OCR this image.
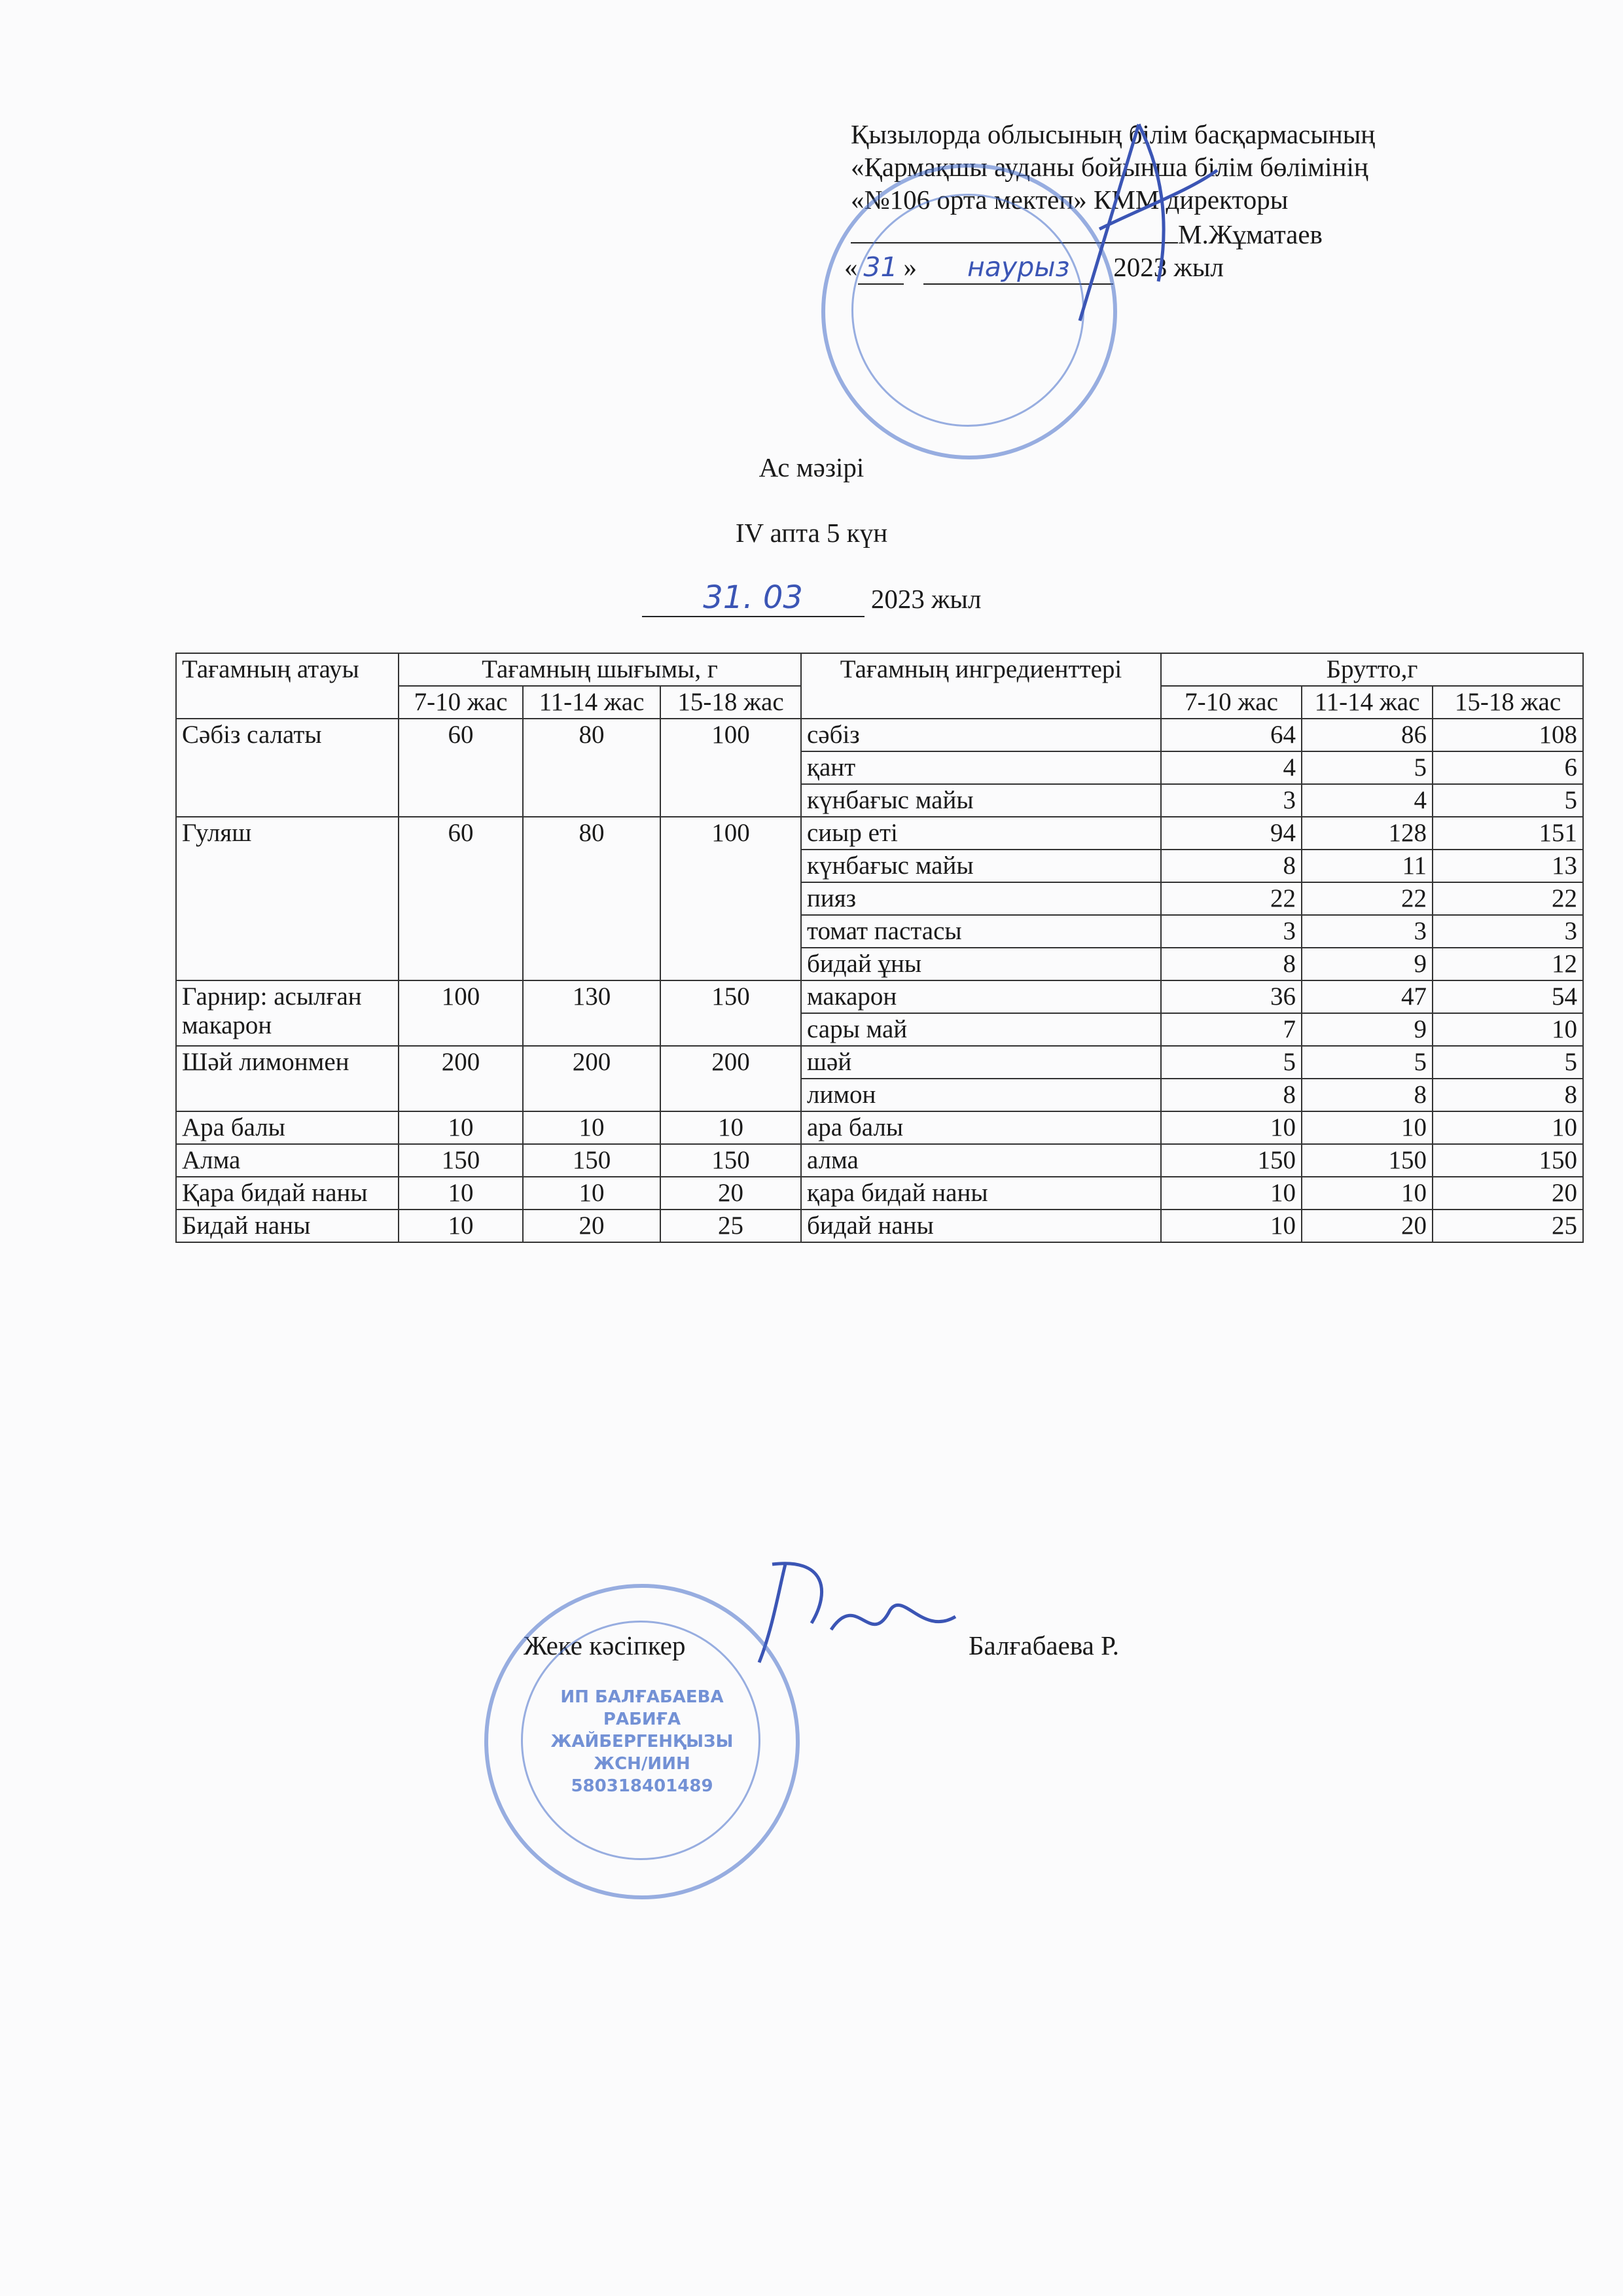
Қызылорда облысының білім басқармасының
«Қармақшы ауданы бойынша білім бөлімінің
«№106 орта мектеп» КММ директоры
М.Жұматаев
« 31 » наурыз 2023 жыл
Ас мәзірі
IV апта 5 күн
31. 03	2023 жыл
Тағамның атауы	Тағамның шығымы, г			Тағамның ингредиенттері	Брутто,г		
	7-10 жас	11-14 жас	15-18 жас		7-10 жас	11-14 жас	15-18 жас
Сәбіз салаты	60	80	100	сәбіз	64	86	108
				қант	4	5	6
				күнбағыс майы	3	4	5
Гуляш	60	80	100	сиыр еті	94	128	151
				күнбағыс майы	8	11	13
				пияз	22	22	22
				томат пастасы	3	3	3
				бидай ұны	8	9	12
Гарнир: асылған макарон	100	130	150	макарон	36	47	54
				сары май	7	9	10
Шәй лимонмен	200	200	200	шәй	5	5	5
				лимон	8	8	8
Ара балы	10	10	10	ара балы	10	10	10
Алма	150	150	150	алма	150	150	150
Қара бидай наны	10	10	20	қара бидай наны	10	10	20
Бидай наны	10	20	25	бидай наны	10	20	25
Жеке кәсіпкер	Балғабаева Р.
ИП БАЛҒАБАЕВА РАБИҒА ЖАЙБЕРГЕНҚЫЗЫ ЖСН/ИИН 580318401489
